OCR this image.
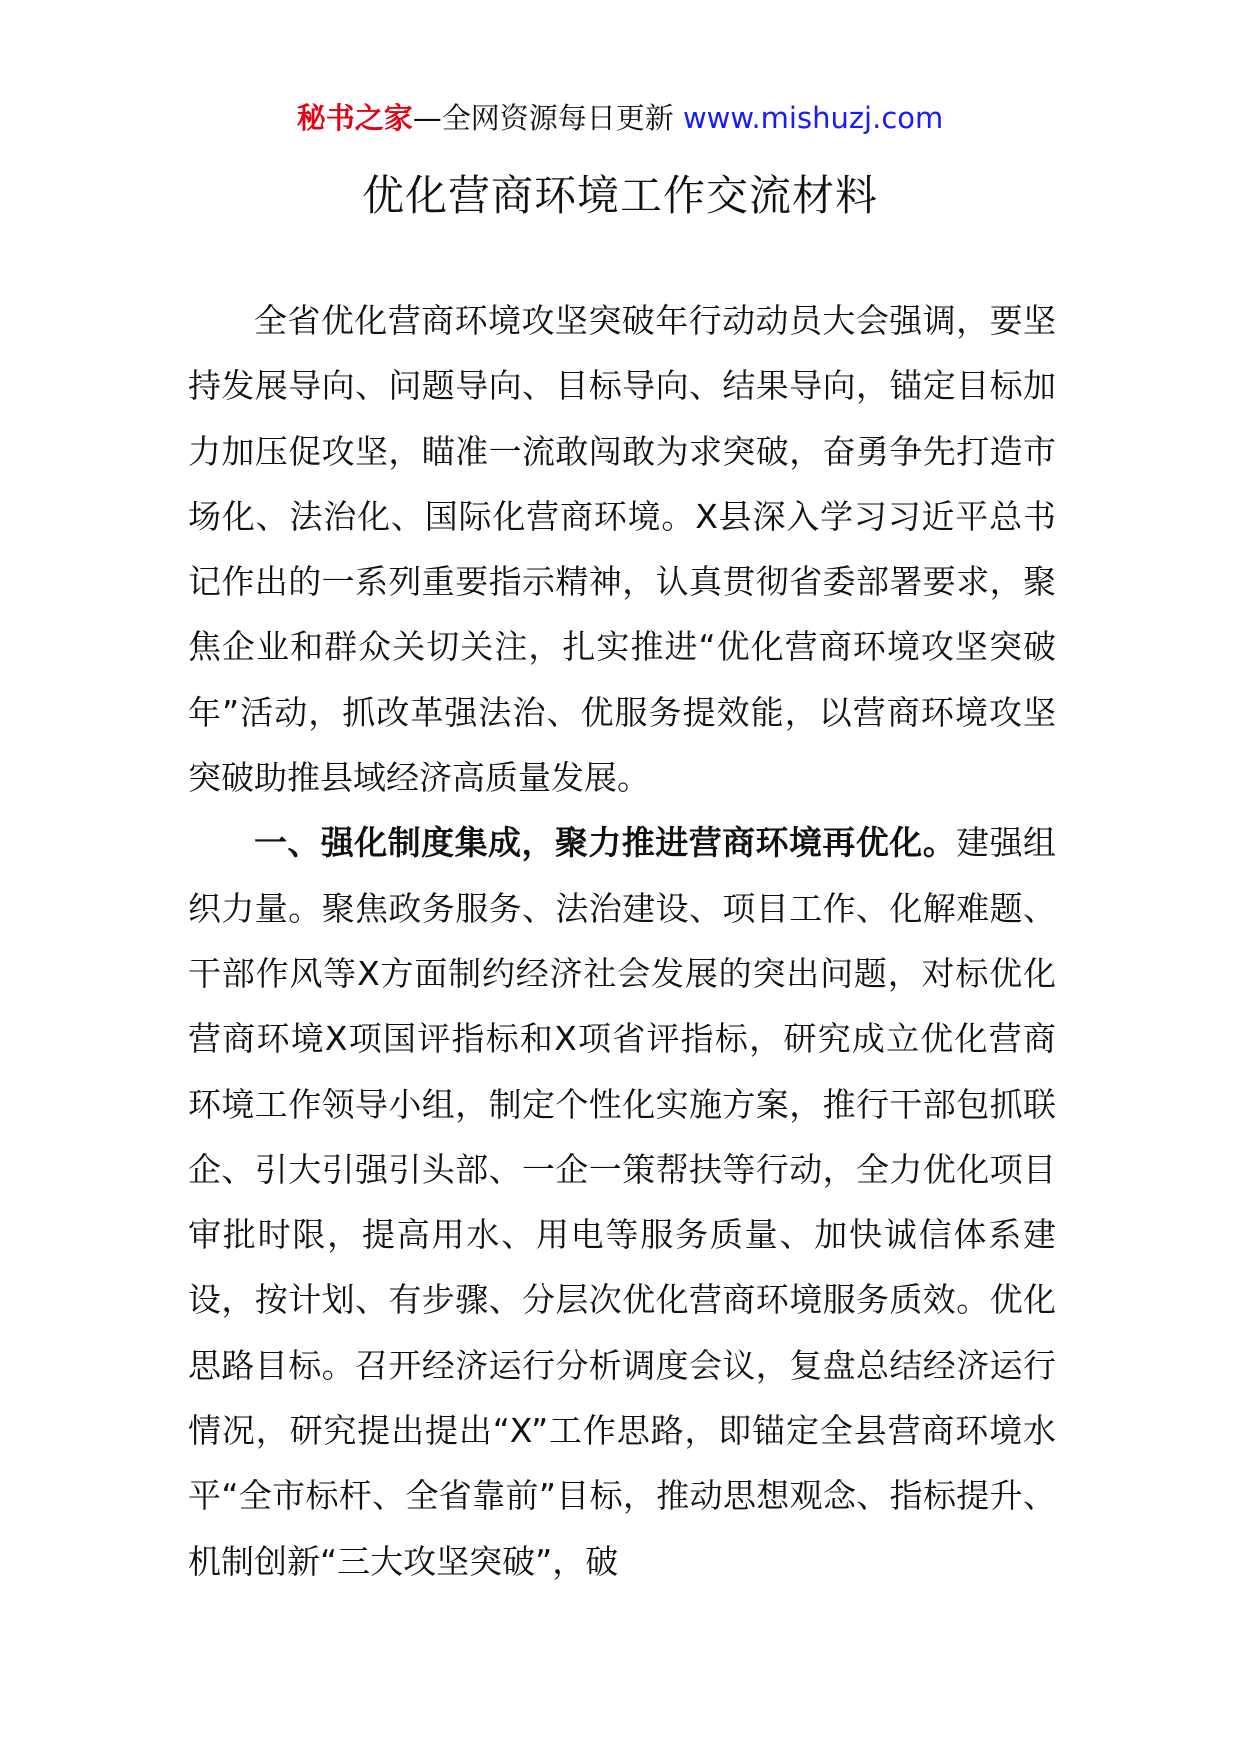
秘书之家—全网资源每日更新 www.mishuzj.com
优化营商环境工作交流材料

全省优化营商环境攻坚突破年行动动员大会强调，要坚持发展导向、问题导向、目标导向、结果导向，锚定目标加力加压促攻坚，瞄准一流敢闯敢为求突破，奋勇争先打造市场化、法治化、国际化营商环境。X县深入学习习近平总书记作出的一系列重要指示精神，认真贯彻省委部署要求，聚焦企业和群众关切关注，扎实推进“优化营商环境攻坚突破年”活动，抓改革强法治、优服务提效能，以营商环境攻坚突破助推县域经济高质量发展。

一、强化制度集成，聚力推进营商环境再优化。建强组织力量。聚焦政务服务、法治建设、项目工作、化解难题、干部作风等X方面制约经济社会发展的突出问题，对标优化营商环境X项国评指标和X项省评指标，研究成立优化营商环境工作领导小组，制定个性化实施方案，推行干部包抓联企、引大引强引头部、一企一策帮扶等行动，全力优化项目审批时限，提高用水、用电等服务质量、加快诚信体系建设，按计划、有步骤、分层次优化营商环境服务质效。优化思路目标。召开经济运行分析调度会议，复盘总结经济运行情况，研究提出提出“X”工作思路，即锚定全县营商环境水平“全市标杆、全省靠前”目标，推动思想观念、指标提升、机制创新“三大攻坚突破”，破
